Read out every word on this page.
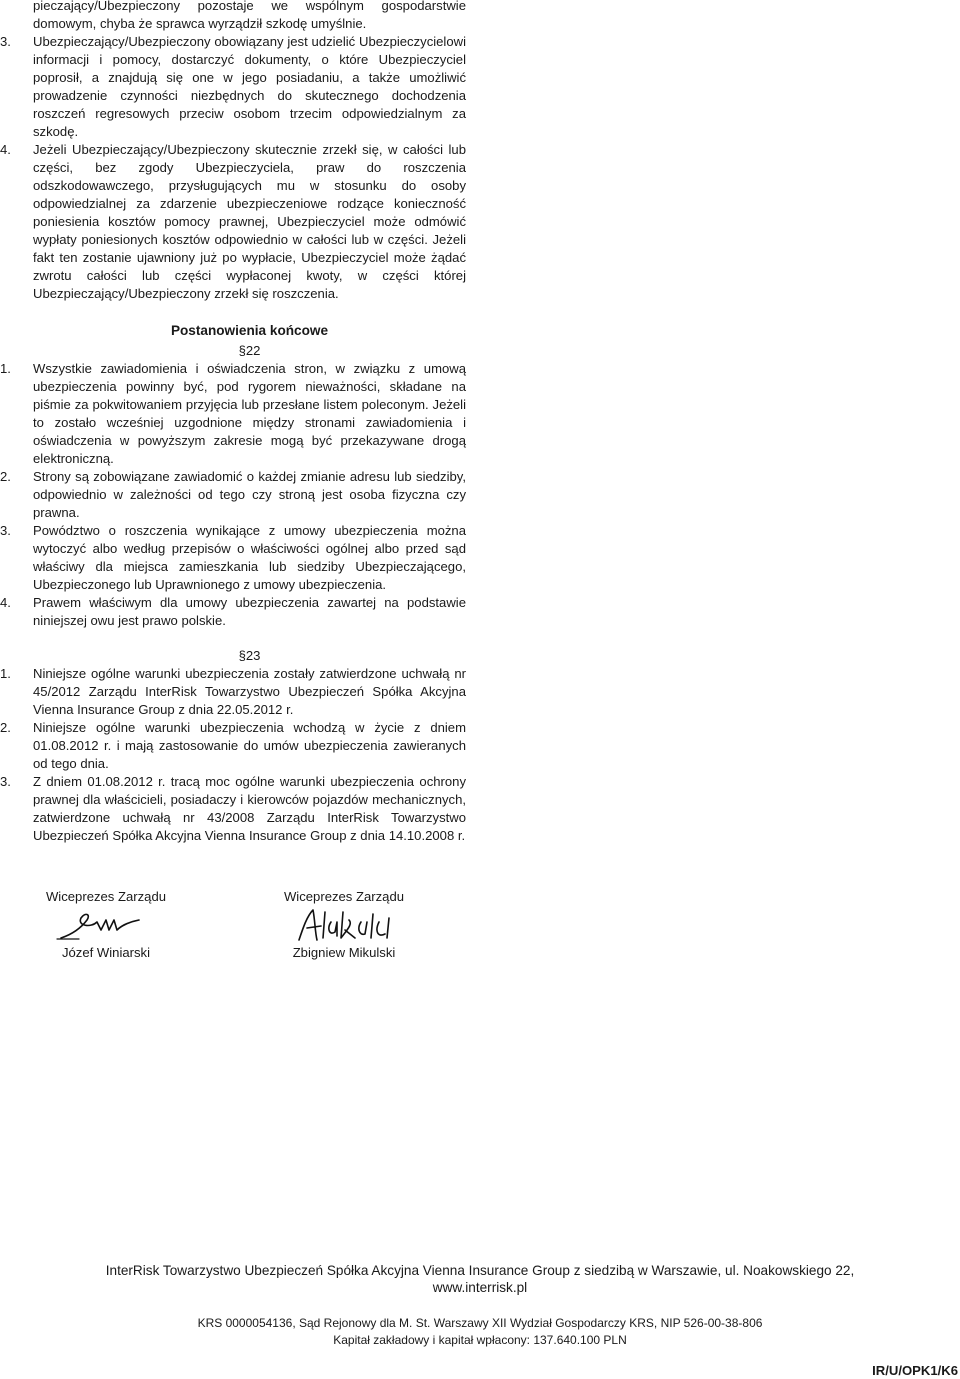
pieczający/Ubezpieczony pozostaje we wspólnym gospodarstwie domowym, chyba że sprawca wyrządził szkodę umyślnie.
3. Ubezpieczający/Ubezpieczony obowiązany jest udzielić Ubezpieczycielowi informacji i pomocy, dostarczyć dokumenty, o które Ubezpieczyciel poprosił, a znajdują się one w jego posiadaniu, a także umożliwić prowadzenie czynności niezbędnych do skutecznego dochodzenia roszczeń regresowych przeciw osobom trzecim odpowiedzialnym za szkodę.
4. Jeżeli Ubezpieczający/Ubezpieczony skutecznie zrzekł się, w całości lub części, bez zgody Ubezpieczyciela, praw do roszczenia odszkodowawczego, przysługujących mu w stosunku do osoby odpowiedzialnej za zdarzenie ubezpieczeniowe rodzące konieczność poniesienia kosztów pomocy prawnej, Ubezpieczyciel może odmówić wypłaty poniesionych kosztów odpowiednio w całości lub w części. Jeżeli fakt ten zostanie ujawniony już po wypłacie, Ubezpieczyciel może żądać zwrotu całości lub części wypłaconej kwoty, w części której Ubezpieczający/Ubezpieczony zrzekł się roszczenia.
Postanowienia końcowe
§22
1. Wszystkie zawiadomienia i oświadczenia stron, w związku z umową ubezpieczenia powinny być, pod rygorem nieważności, składane na piśmie za pokwitowaniem przyjęcia lub przesłane listem poleconym. Jeżeli to zostało wcześniej uzgodnione między stronami zawiadomienia i oświadczenia w powyższym zakresie mogą być przekazywane drogą elektroniczną.
2. Strony są zobowiązane zawiadomić o każdej zmianie adresu lub siedziby, odpowiednio w zależności od tego czy stroną jest osoba fizyczna czy prawna.
3. Powództwo o roszczenia wynikające z umowy ubezpieczenia można wytoczyć albo według przepisów o właściwości ogólnej albo przed sąd właściwy dla miejsca zamieszkania lub siedziby Ubezpieczającego, Ubezpieczonego lub Uprawnionego z umowy ubezpieczenia.
4. Prawem właściwym dla umowy ubezpieczenia zawartej na podstawie niniejszej owu jest prawo polskie.
§23
1. Niniejsze ogólne warunki ubezpieczenia zostały zatwierdzone uchwałą nr 45/2012 Zarządu InterRisk Towarzystwo Ubezpieczeń Spółka Akcyjna Vienna Insurance Group z dnia 22.05.2012 r.
2. Niniejsze ogólne warunki ubezpieczenia wchodzą w życie z dniem 01.08.2012 r. i mają zastosowanie do umów ubezpieczenia zawieranych od tego dnia.
3. Z dniem 01.08.2012 r. tracą moc ogólne warunki ubezpieczenia ochrony prawnej dla właścicieli, posiadaczy i kierowców pojazdów mechanicznych, zatwierdzone uchwałą nr 43/2008 Zarządu InterRisk Towarzystwo Ubezpieczeń Spółka Akcyjna Vienna Insurance Group z dnia 14.10.2008 r.
Wiceprezes Zarządu
Józef Winiarski
Wiceprezes Zarządu
Zbigniew Mikulski
InterRisk Towarzystwo Ubezpieczeń Spółka Akcyjna Vienna Insurance Group z siedzibą w Warszawie, ul. Noakowskiego 22,
www.interrisk.pl
KRS 0000054136, Sąd Rejonowy dla M. St. Warszawy XII Wydział Gospodarczy KRS, NIP 526-00-38-806
Kapitał zakładowy i kapitał wpłacony: 137.640.100 PLN
IR/U/OPK1/K6
